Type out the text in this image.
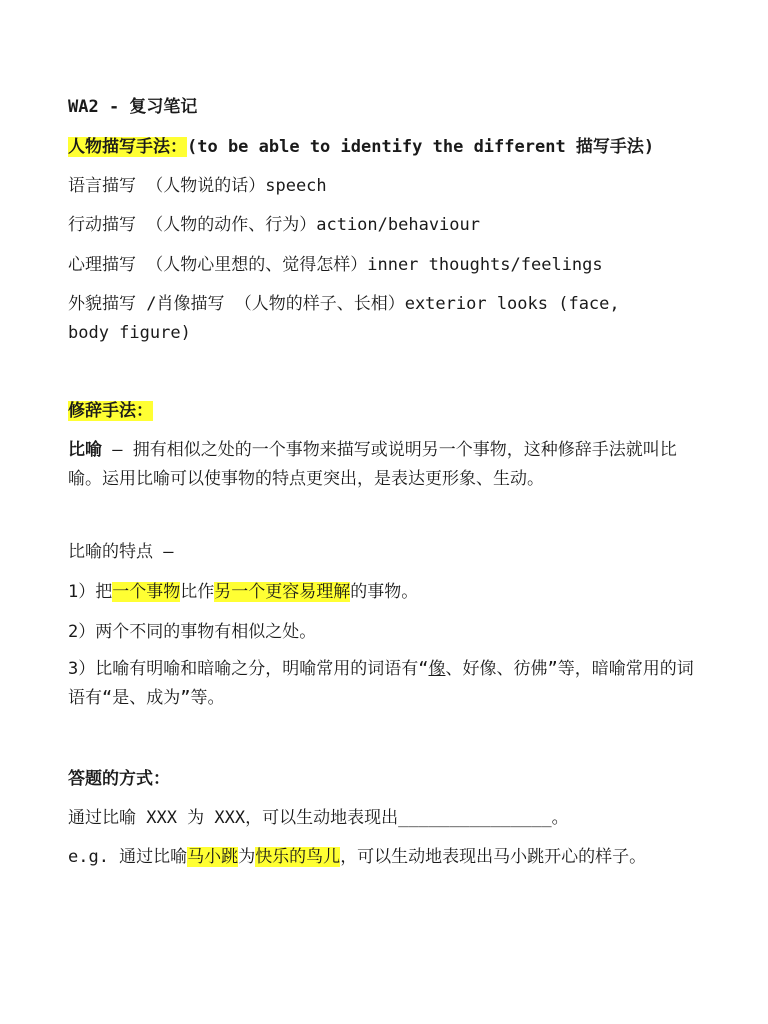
WA2 - 复习笔记
人物描写手法：(to be able to identify the different 描写手法)
语言描写 （人物说的话）speech
行动描写 （人物的动作、行为）action/behaviour
心理描写 （人物心里想的、觉得怎样）inner thoughts/feelings
外貌描写 /肖像描写 （人物的样子、长相）exterior looks (face,
body figure)
修辞手法：
比喻 – 拥有相似之处的一个事物来描写或说明另一个事物，这种修辞手法就叫比喻。运用比喻可以使事物的特点更突出，是表达更形象、生动。
比喻的特点 –
1）把一个事物比作另一个更容易理解的事物。
2）两个不同的事物有相似之处。
3）比喻有明喻和暗喻之分，明喻常用的词语有“像、好像、彷佛”等，暗喻常用的词语有“是、成为”等。
答题的方式：
通过比喻 XXX 为 XXX，可以生动地表现出_______________。
e.g. 通过比喻马小跳为快乐的鸟儿，可以生动地表现出马小跳开心的样子。
